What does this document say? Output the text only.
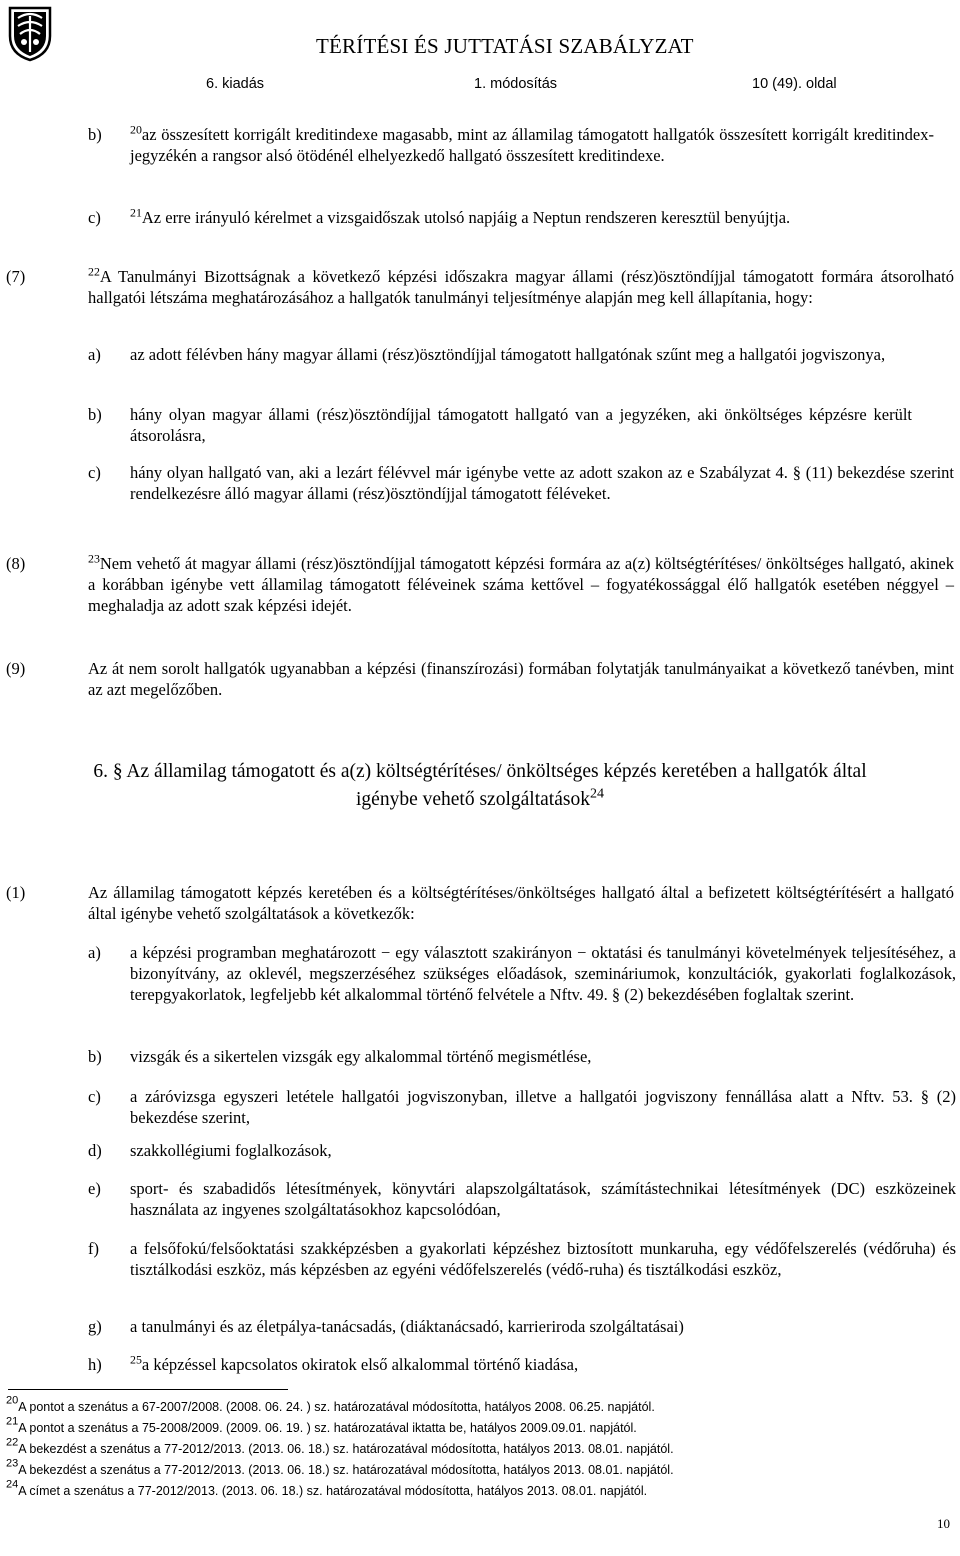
TÉRÍTÉSI ÉS JUTTATÁSI SZABÁLYZAT
6. kiadás	1. módosítás	10 (49). oldal
b) $^{20}$az összesített korrigált kreditindexe magasabb, mint az államilag támogatott hallgatók összesített korrigált kreditindex-jegyzékén a rangsor alsó ötödénél elhelyezkedő hallgató összesített kreditindexe.
c) $^{21}$Az erre irányuló kérelmet a vizsgaidőszak utolsó napjáig a Neptun rendszeren keresztül benyújtja.
(7)	$^{22}$A Tanulmányi Bizottságnak a következő képzési időszakra magyar állami (rész)ösztöndíjjal támogatott formára átsorolható hallgatói létszáma meghatározásához a hallgatók tanulmányi teljesítménye alapján meg kell állapítania, hogy:
a) az adott félévben hány magyar állami (rész)ösztöndíjjal támogatott hallgatónak szűnt meg a hallgatói jogviszonya,
b) hány olyan magyar állami (rész)ösztöndíjjal támogatott hallgató van a jegyzéken, aki önköltséges képzésre került átsorolásra,
c) hány olyan hallgató van, aki a lezárt félévvel már igénybe vette az adott szakon az e Szabályzat 4. § (11) bekezdése szerint rendelkezésre álló magyar állami (rész)ösztöndíjjal támogatott féléveket.
(8)	$^{23}$Nem vehető át magyar állami (rész)ösztöndíjjal támogatott képzési formára az a(z) költségtérítéses/ önköltséges hallgató, akinek a korábban igénybe vett államilag támogatott féléveinek száma kettővel – fogyatékossággal élő hallgatók esetében néggyel – meghaladja az adott szak képzési idejét.
(9)	Az át nem sorolt hallgatók ugyanabban a képzési (finanszírozási) formában folytatják tanulmányaikat a következő tanévben, mint az azt megelőzőben.
6. § Az államilag támogatott és a(z) költségtérítéses/ önköltséges képzés keretében a hallgatók által
igénybe vehető szolgáltatások$^{24}$
(1)	Az államilag támogatott képzés keretében és a költségtérítéses/önköltséges hallgató által a befizetett költségtérítésért a hallgató által igénybe vehető szolgáltatások a következők:
a) a képzési programban meghatározott − egy választott szakirányon − oktatási és tanulmányi követelmények teljesítéséhez, a bizonyítvány, az oklevél, megszerzéséhez szükséges előadások, szemináriumok, konzultációk, gyakorlati foglalkozások, terepgyakorlatok, legfeljebb két alkalommal történő felvétele a Nftv. 49. § (2) bekezdésében foglaltak szerint.
b) vizsgák és a sikertelen vizsgák egy alkalommal történő megismétlése,
c) a záróvizsga egyszeri letétele hallgatói jogviszonyban, illetve a hallgatói jogviszony fennállása alatt a Nftv. 53. § (2) bekezdése szerint,
d) szakkollégiumi foglalkozások,
e) sport- és szabadidős létesítmények, könyvtári alapszolgáltatások, számítástechnikai létesítmények (DC) eszközeinek használata az ingyenes szolgáltatásokhoz kapcsolódóan,
f) a felsőfokú/felsőoktatási szakképzésben a gyakorlati képzéshez biztosított munkaruha, egy védőfelszerelés (védőruha) és tisztálkodási eszköz, más képzésben az egyéni védőfelszerelés (védő-ruha) és tisztálkodási eszköz,
g) a tanulmányi és az életpálya-tanácsadás, (diáktanácsadó, karrieriroda szolgáltatásai)
h) $^{25}$a képzéssel kapcsolatos okiratok első alkalommal történő kiadása,
$^{20}$A pontot a szenátus a 67-2007/2008. (2008. 06. 24. ) sz. határozatával módosította, hatályos 2008. 06.25. napjától.
$^{21}$A pontot a szenátus a 75-2008/2009. (2009. 06. 19. ) sz. határozatával iktatta be, hatályos 2009.09.01. napjától.
$^{22}$A bekezdést a szenátus a 77-2012/2013. (2013. 06. 18.) sz. határozatával módosította, hatályos 2013. 08.01. napjától.
$^{23}$A bekezdést a szenátus a 77-2012/2013. (2013. 06. 18.) sz. határozatával módosította, hatályos 2013. 08.01. napjától.
$^{24}$A címet a szenátus a 77-2012/2013. (2013. 06. 18.) sz. határozatával módosította, hatályos 2013. 08.01. napjától.
10
